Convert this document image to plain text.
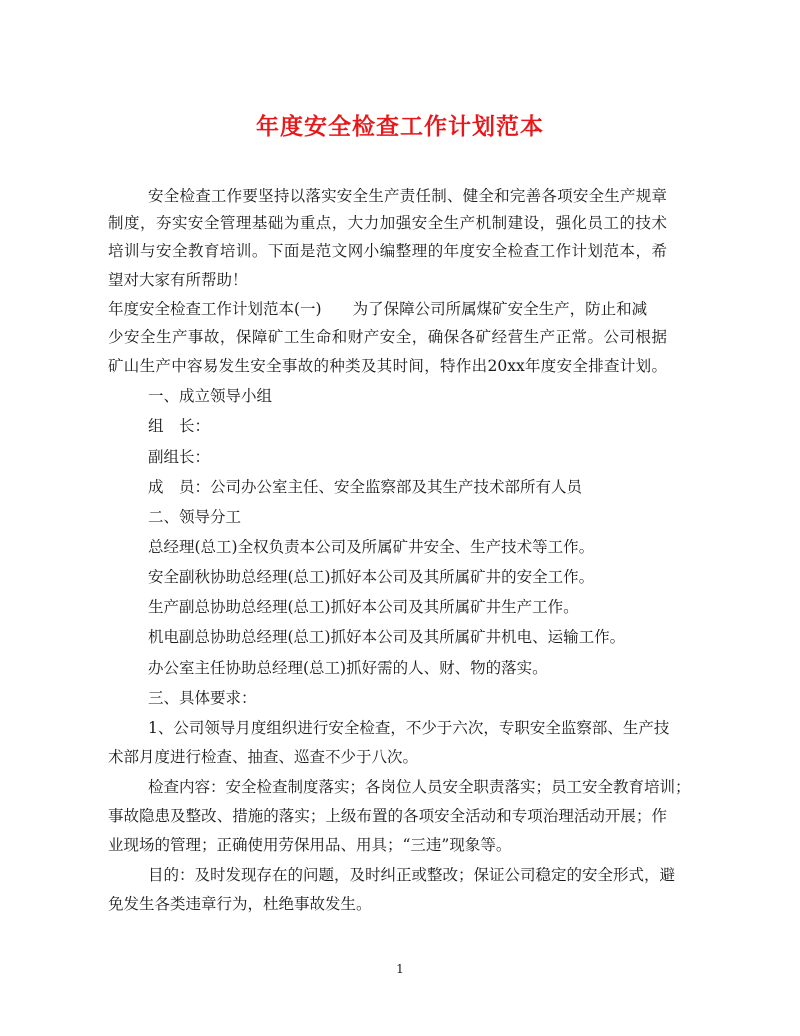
年度安全检查工作计划范本
安全检查工作要坚持以落实安全生产责任制、健全和完善各项安全生产规章
制度，夯实安全管理基础为重点，大力加强安全生产机制建设，强化员工的技术
培训与安全教育培训。下面是范文网小编整理的年度安全检查工作计划范本，希
望对大家有所帮助！
年度安全检查工作计划范本(一)　　为了保障公司所属煤矿安全生产，防止和减
少安全生产事故，保障矿工生命和财产安全，确保各矿经营生产正常。公司根据
矿山生产中容易发生安全事故的种类及其时间，特作出20xx年度安全排查计划。
一、成立领导小组
组　长：
副组长：
成　员：公司办公室主任、安全监察部及其生产技术部所有人员
二、领导分工
总经理(总工)全权负责本公司及所属矿井安全、生产技术等工作。
安全副秋协助总经理(总工)抓好本公司及其所属矿井的安全工作。
生产副总协助总经理(总工)抓好本公司及其所属矿井生产工作。
机电副总协助总经理(总工)抓好本公司及其所属矿井机电、运输工作。
办公室主任协助总经理(总工)抓好需的人、财、物的落实。
三、具体要求：
1、公司领导月度组织进行安全检查，不少于六次，专职安全监察部、生产技
术部月度进行检查、抽查、巡查不少于八次。
检查内容：安全检查制度落实；各岗位人员安全职责落实；员工安全教育培训；
事故隐患及整改、措施的落实；上级布置的各项安全活动和专项治理活动开展；作
业现场的管理；正确使用劳保用品、用具；“三违”现象等。
目的：及时发现存在的问题，及时纠正或整改；保证公司稳定的安全形式，避
免发生各类违章行为，杜绝事故发生。
1
